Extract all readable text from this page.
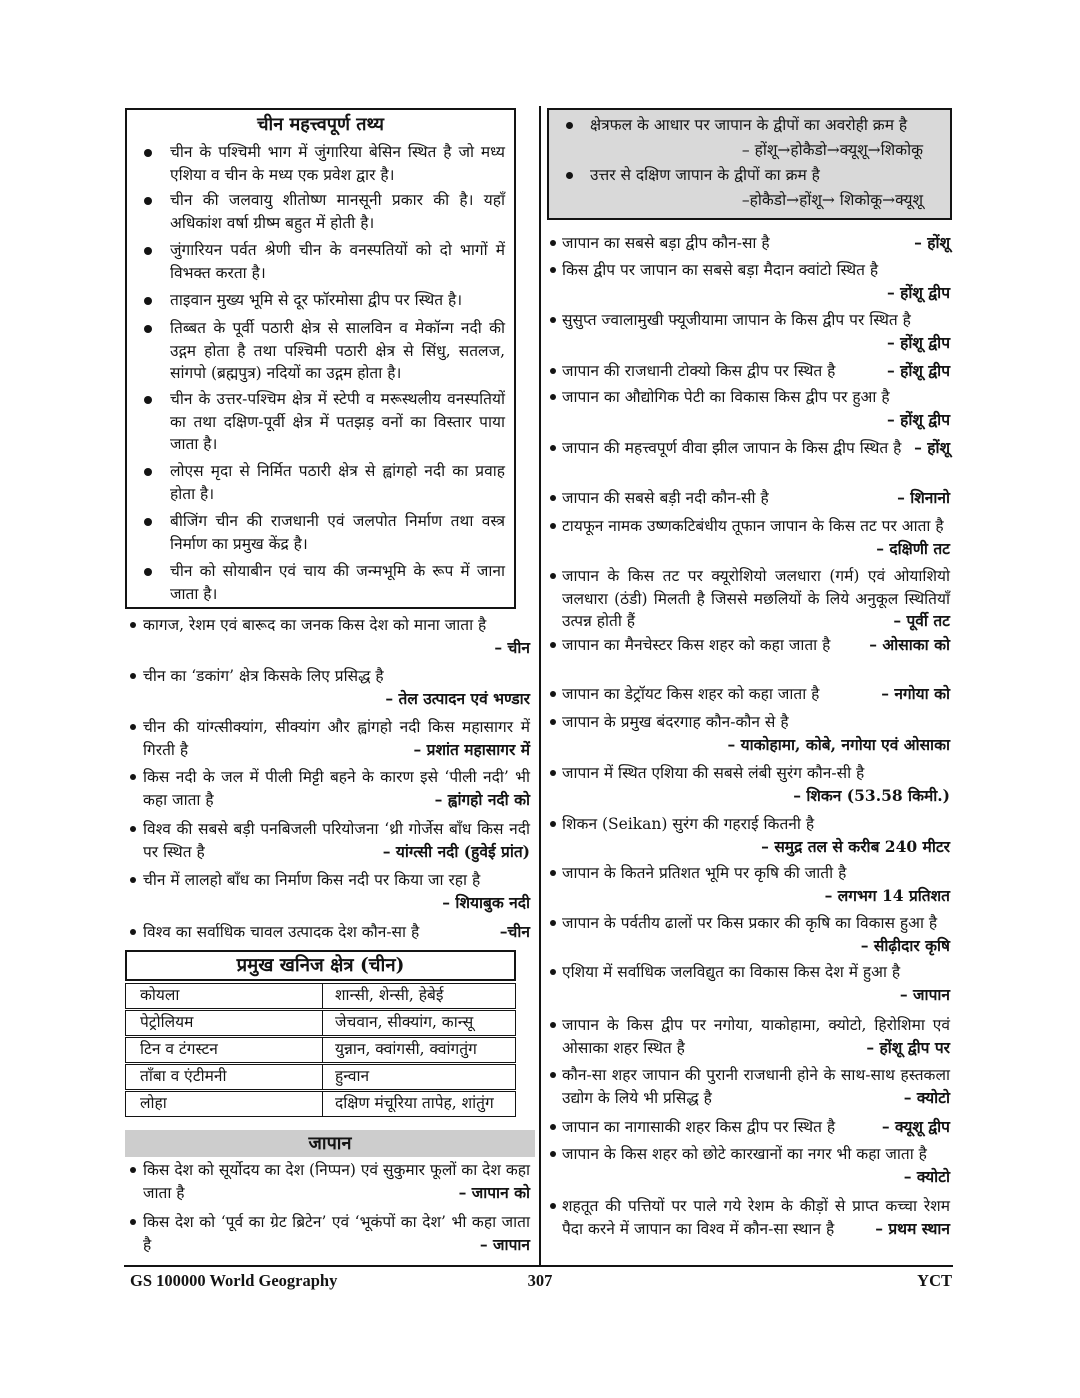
चीन महत्त्वपूर्ण तथ्य
चीन के पश्चिमी भाग में जुंगारिया बेसिन स्थित है जो मध्य एशिया व चीन के मध्य एक प्रवेश द्वार है।
चीन की जलवायु शीतोष्ण मानसूनी प्रकार की है। यहाँ अधिकांश वर्षा ग्रीष्म बहुत में होती है।
जुंगारियन पर्वत श्रेणी चीन के वनस्पतियों को दो भागों में विभक्त करता है।
ताइवान मुख्य भूमि से दूर फॉरमोसा द्वीप पर स्थित है।
तिब्बत के पूर्वी पठारी क्षेत्र से सालविन व मेकॉन्ग नदी की उद्गम होता है तथा पश्चिमी पठारी क्षेत्र से सिंधु, सतलज, सांगपो (ब्रह्मपुत्र) नदियों का उद्गम होता है।
चीन के उत्तर-पश्चिम क्षेत्र में स्टेपी व मरूस्थलीय वनस्पतियों का तथा दक्षिण-पूर्वी क्षेत्र में पतझड़ वनों का विस्तार पाया जाता है।
लोएस मृदा से निर्मित पठारी क्षेत्र से ह्वांगहो नदी का प्रवाह होता है।
बीजिंग चीन की राजधानी एवं जलपोत निर्माण तथा वस्त्र निर्माण का प्रमुख केंद्र है।
चीन को सोयाबीन एवं चाय की जन्मभूमि के रूप में जाना जाता है।
कागज, रेशम एवं बारूद का जनक किस देश को माना जाता है
– चीन
चीन का ‘डकांग’ क्षेत्र किसके लिए प्रसिद्ध है
– तेल उत्पादन एवं भण्डार
चीन की यांग्त्सीक्यांग, सीक्यांग और ह्वांगहो नदी किस महासागर में गिरती है	– प्रशांत महासागर में
किस नदी के जल में पीली मिट्टी बहने के कारण इसे ‘पीली नदी’ भी कहा जाता है	– ह्वांगहो नदी को
विश्व की सबसे बड़ी पनबिजली परियोजना ‘थ्री गोर्जेस बाँध किस नदी पर स्थित है	– यांग्त्सी नदी (हुवेई प्रांत)
चीन में लालहो बाँध का निर्माण किस नदी पर किया जा रहा है
– शियाबुक नदी
विश्व का सर्वाधिक चावल उत्पादक देश कौन-सा है	–चीन
प्रमुख खनिज क्षेत्र (चीन)
कोयला	शान्सी, शेन्सी, हेबेई
पेट्रोलियम	जेचवान, सीक्यांग, कान्सू
टिन व टंगस्टन	युन्नान, क्वांगसी, क्वांगतुंग
ताँबा व एंटीमनी	हुन्वान
लोहा	दक्षिण मंचूरिया तापेह, शांतुंग
जापान
किस देश को सूर्योदय का देश (निप्पन) एवं सुकुमार फूलों का देश कहा जाता है	– जापान को
किस देश को ‘पूर्व का ग्रेट ब्रिटेन’ एवं ‘भूकंपों का देश’ भी कहा जाता है	– जापान
क्षेत्रफल के आधार पर जापान के द्वीपों का अवरोही क्रम है
– होंशू→होकैडो→क्यूशू→शिकोकू
उत्तर से दक्षिण जापान के द्वीपों का क्रम है
–होकैडो→होंशू→ शिकोकू→क्यूशू
जापान का सबसे बड़ा द्वीप कौन-सा है	– होंशू
किस द्वीप पर जापान का सबसे बड़ा मैदान क्वांटो स्थित है
– होंशू द्वीप
सुसुप्त ज्वालामुखी फ्यूजीयामा जापान के किस द्वीप पर स्थित है
– होंशू द्वीप
जापान की राजधानी टोक्यो किस द्वीप पर स्थित है	– होंशू द्वीप
जापान का औद्योगिक पेटी का विकास किस द्वीप पर हुआ है
– होंशू द्वीप
जापान की महत्त्वपूर्ण वीवा झील जापान के किस द्वीप स्थित है – होंशू
जापान की सबसे बड़ी नदी कौन-सी है	– शिनानो
टायफून नामक उष्णकटिबंधीय तूफान जापान के किस तट पर आता है
– दक्षिणी तट
जापान के किस तट पर क्यूरोशियो जलधारा (गर्म) एवं ओयाशियो जलधारा (ठंडी) मिलती है जिससे मछलियों के लिये अनुकूल स्थितियाँ उत्पन्न होती हैं	– पूर्वी तट
जापान का मैनचेस्टर किस शहर को कहा जाता है	– ओसाका को
जापान का डेट्रॉयट किस शहर को कहा जाता है	– नगोया को
जापान के प्रमुख बंदरगाह कौन-कौन से है
– याकोहामा, कोबे, नगोया एवं ओसाका
जापान में स्थित एशिया की सबसे लंबी सुरंग कौन-सी है
– शिकन (53.58 किमी.)
शिकन (Seikan) सुरंग की गहराई कितनी है
– समुद्र तल से करीब 240 मीटर
जापान के कितने प्रतिशत भूमि पर कृषि की जाती है
– लगभग 14 प्रतिशत
जापान के पर्वतीय ढालों पर किस प्रकार की कृषि का विकास हुआ है
– सीढ़ीदार कृषि
एशिया में सर्वाधिक जलविद्युत का विकास किस देश में हुआ है
– जापान
जापान के किस द्वीप पर नगोया, याकोहामा, क्योटो, हिरोशिमा एवं ओसाका शहर स्थित है	– होंशू द्वीप पर
कौन-सा शहर जापान की पुरानी राजधानी होने के साथ-साथ हस्तकला उद्योग के लिये भी प्रसिद्ध है	– क्योटो
जापान का नागासाकी शहर किस द्वीप पर स्थित है	– क्यूशू द्वीप
जापान के किस शहर को छोटे कारखानों का नगर भी कहा जाता है
– क्योटो
शहतूत की पत्तियों पर पाले गये रेशम के कीड़ों से प्राप्त कच्चा रेशम पैदा करने में जापान का विश्व में कौन-सा स्थान है	– प्रथम स्थान
GS 100000 World Geography	307	YCT
